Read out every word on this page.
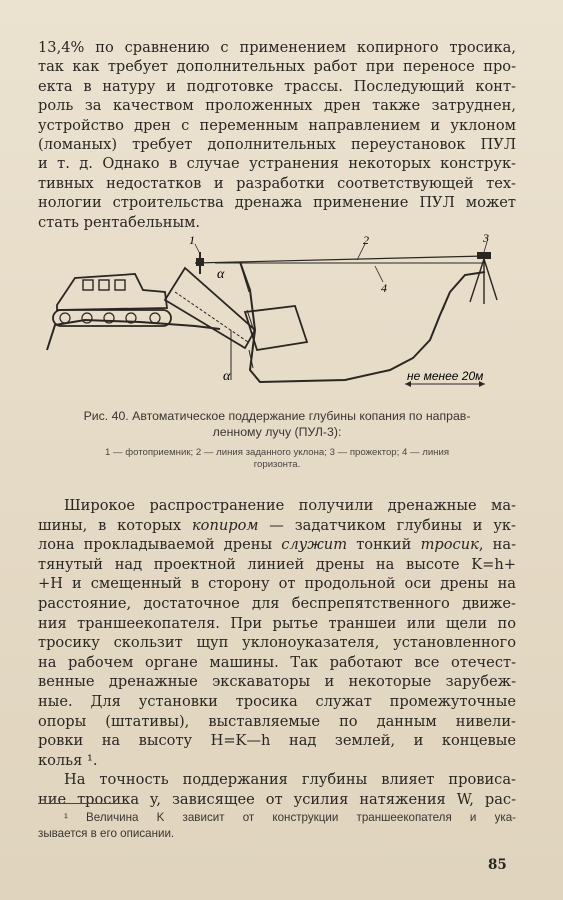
13,4% по сравнению с применением копирного тросика,
так как требует дополнительных работ при переносе про-
екта в натуру и подготовке трассы. Последующий конт-
роль за качеством проложенных дрен также затруднен,
устройство дрен с переменным направлением и уклоном
(ломаных) требует дополнительных переустановок ПУЛ
и т. д. Однако в случае устранения некоторых конструк-
тивных недостатков и разработки соответствующей тех-
нологии строительства дренажа применение ПУЛ может
стать рентабельным.
1	2	3
4
α
α	не менее 20м
Рис. 40. Автоматическое поддержание глубины копания по направ-
ленному лучу (ПУЛ-3):
1 — фотоприемник; 2 — линия заданного уклона; 3 — прожектор; 4 — линия
горизонта.
Широкое распространение получили дренажные ма-
шины, в которых копиром — задатчиком глубины и ук-
лона прокладываемой дрены служит тонкий тросик, на-
тянутый над проектной линией дрены на высоте K=h+
+H и смещенный в сторону от продольной оси дрены на
расстояние, достаточное для беспрепятственного движе-
ния траншеекопателя. При рытье траншеи или щели по
тросику скользит щуп уклоноуказателя, установленного
на рабочем органе машины. Так работают все отечест-
венные дренажные экскаваторы и некоторые зарубеж-
ные. Для установки тросика служат промежуточные
опоры (штативы), выставляемые по данным нивели-
ровки на высоту H=K—h над землей, и концевые
колья ¹.
На точность поддержания глубины влияет провиса-
ние тросика y, зависящее от усилия натяжения W, рас-
¹ Величина K зависит от конструкции траншеекопателя и ука-
зывается в его описании.
85
